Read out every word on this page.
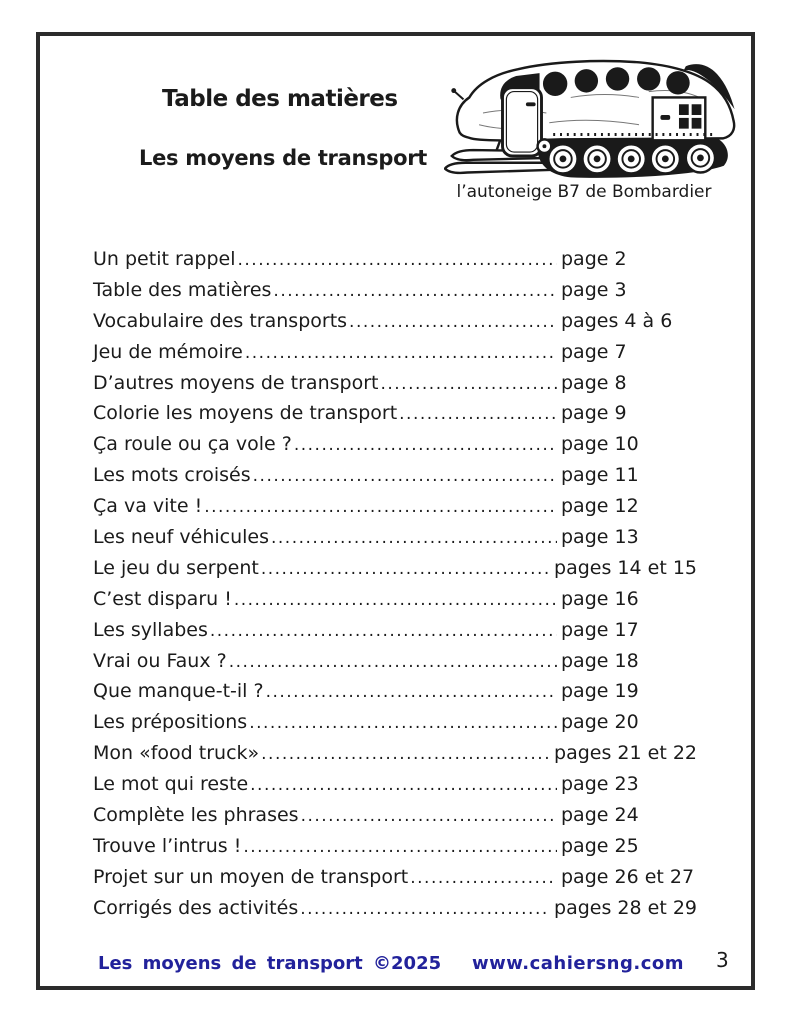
Table des matières
Les moyens de transport
l’autoneige B7 de Bombardier
Un petit rappel .....	page 2
Table des matières .....	page 3
Vocabulaire des transports .....	pages 4 à 6
Jeu de mémoire .....	page 7
D’autres moyens de transport .....	page 8
Colorie les moyens de transport .....	page 9
Ça roule ou ça vole ? .....	page 10
Les mots croisés .....	page 11
Ça va vite ! .....	page 12
Les neuf véhicules .....	page 13
Le jeu du serpent .....	pages 14 et 15
C’est disparu ! .....	page 16
Les syllabes .....	page 17
Vrai ou Faux ? .....	page 18
Que manque-t-il ? .....	page 19
Les prépositions .....	page 20
Mon «food truck» .....	pages 21 et 22
Le mot qui reste .....	page 23
Complète les phrases .....	page 24
Trouve l’intrus ! .....	page 25
Projet sur un moyen de transport .....	page 26 et 27
Corrigés des activités .....	pages 28 et 29
Les moyens de transport ©2025 www.cahiersng.com 3
